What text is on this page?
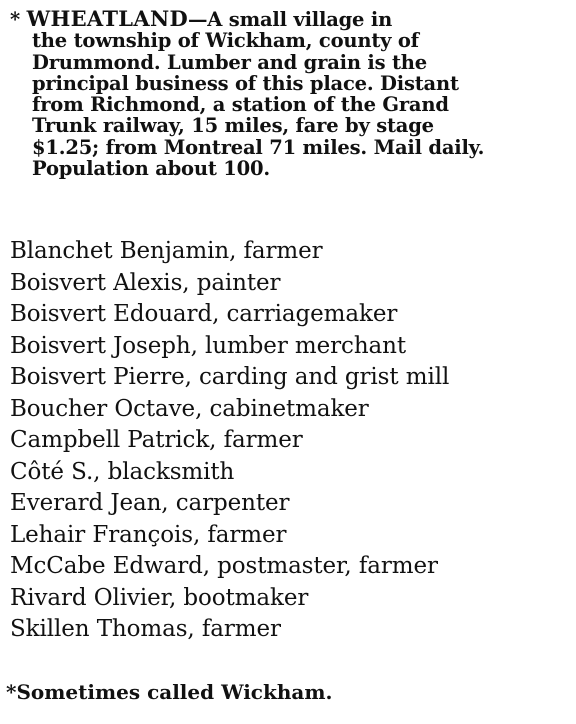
* WHEATLAND—A small village in
the township of Wickham, county of
Drummond. Lumber and grain is the
principal business of this place. Distant
from Richmond, a station of the Grand
Trunk railway, 15 miles, fare by stage
$1.25; from Montreal 71 miles. Mail daily.
Population about 100.
Blanchet Benjamin, farmer
Boisvert Alexis, painter
Boisvert Edouard, carriagemaker
Boisvert Joseph, lumber merchant
Boisvert Pierre, carding and grist mill
Boucher Octave, cabinetmaker
Campbell Patrick, farmer
Côté S., blacksmith
Everard Jean, carpenter
Lehair François, farmer
McCabe Edward, postmaster, farmer
Rivard Olivier, bootmaker
Skillen Thomas, farmer
*Sometimes called Wickham.
